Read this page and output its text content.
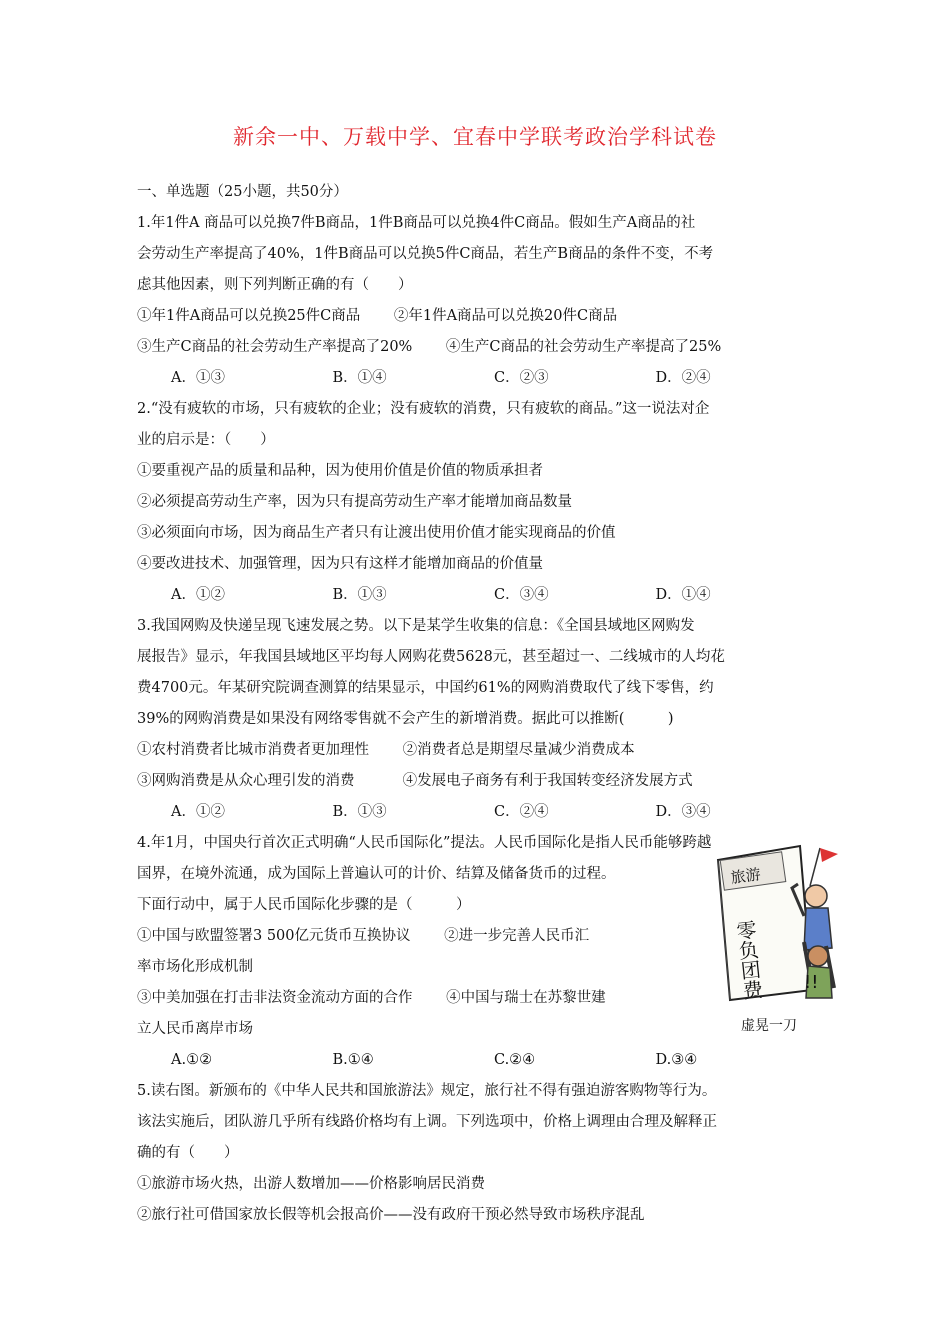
新余一中、万载中学、宜春中学联考政治学科试卷
一、单选题（25小题，共50分）
1.年1件A 商品可以兑换7件B商品，1件B商品可以兑换4件C商品。假如生产A商品的社
会劳动生产率提高了40%，1件B商品可以兑换5件C商品，若生产B商品的条件不变，不考
虑其他因素，则下列判断正确的有（　　）
①年1件A商品可以兑换25件C商品　　 ②年1件A商品可以兑换20件C商品
③生产C商品的社会劳动生产率提高了20%　　 ④生产C商品的社会劳动生产率提高了25%
A．①③	B．①④	C．②③	D．②④
2.“没有疲软的市场，只有疲软的企业；没有疲软的消费，只有疲软的商品。”这一说法对企
业的启示是：（　　）
①要重视产品的质量和品种，因为使用价值是价值的物质承担者
②必须提高劳动生产率，因为只有提高劳动生产率才能增加商品数量
③必须面向市场，因为商品生产者只有让渡出使用价值才能实现商品的价值
④要改进技术、加强管理，因为只有这样才能增加商品的价值量
A．①②	B．①③	C．③④	D．①④
3.我国网购及快递呈现飞速发展之势。以下是某学生收集的信息：《全国县域地区网购发
展报告》显示，年我国县域地区平均每人网购花费5628元，甚至超过一、二线城市的人均花
费4700元。年某研究院调查测算的结果显示，中国约61%的网购消费取代了线下零售，约
39%的网购消费是如果没有网络零售就不会产生的新增消费。据此可以推断(　　　)
①农村消费者比城市消费者更加理性　　 ②消费者总是期望尽量减少消费成本
③网购消费是从众心理引发的消费　　　 ④发展电子商务有利于我国转变经济发展方式
A．①②	B．①③	C．②④	D．③④
4.年1月，中国央行首次正式明确“人民币国际化”提法。人民币国际化是指人民币能够跨越
国界，在境外流通，成为国际上普遍认可的计价、结算及储备货币的过程。
下面行动中，属于人民币国际化步骤的是（　　　）
①中国与欧盟签署3 500亿元货币互换协议　　 ②进一步完善人民币汇
率市场化形成机制
③中美加强在打击非法资金流动方面的合作　　 ④中国与瑞士在苏黎世建
立人民币离岸市场
A.①②	B.①④	C.②④	D.③④
5.读右图。新颁布的《中华人民共和国旅游法》规定，旅行社不得有强迫游客购物等行为。
该法实施后，团队游几乎所有线路价格均有上调。下列选项中，价格上调理由合理及解释正
确的有（　　）
①旅游市场火热，出游人数增加——价格影响居民消费
②旅行社可借国家放长假等机会报高价——没有政府干预必然导致市场秩序混乱
旅游
零负团费 !!
虚晃一刀
